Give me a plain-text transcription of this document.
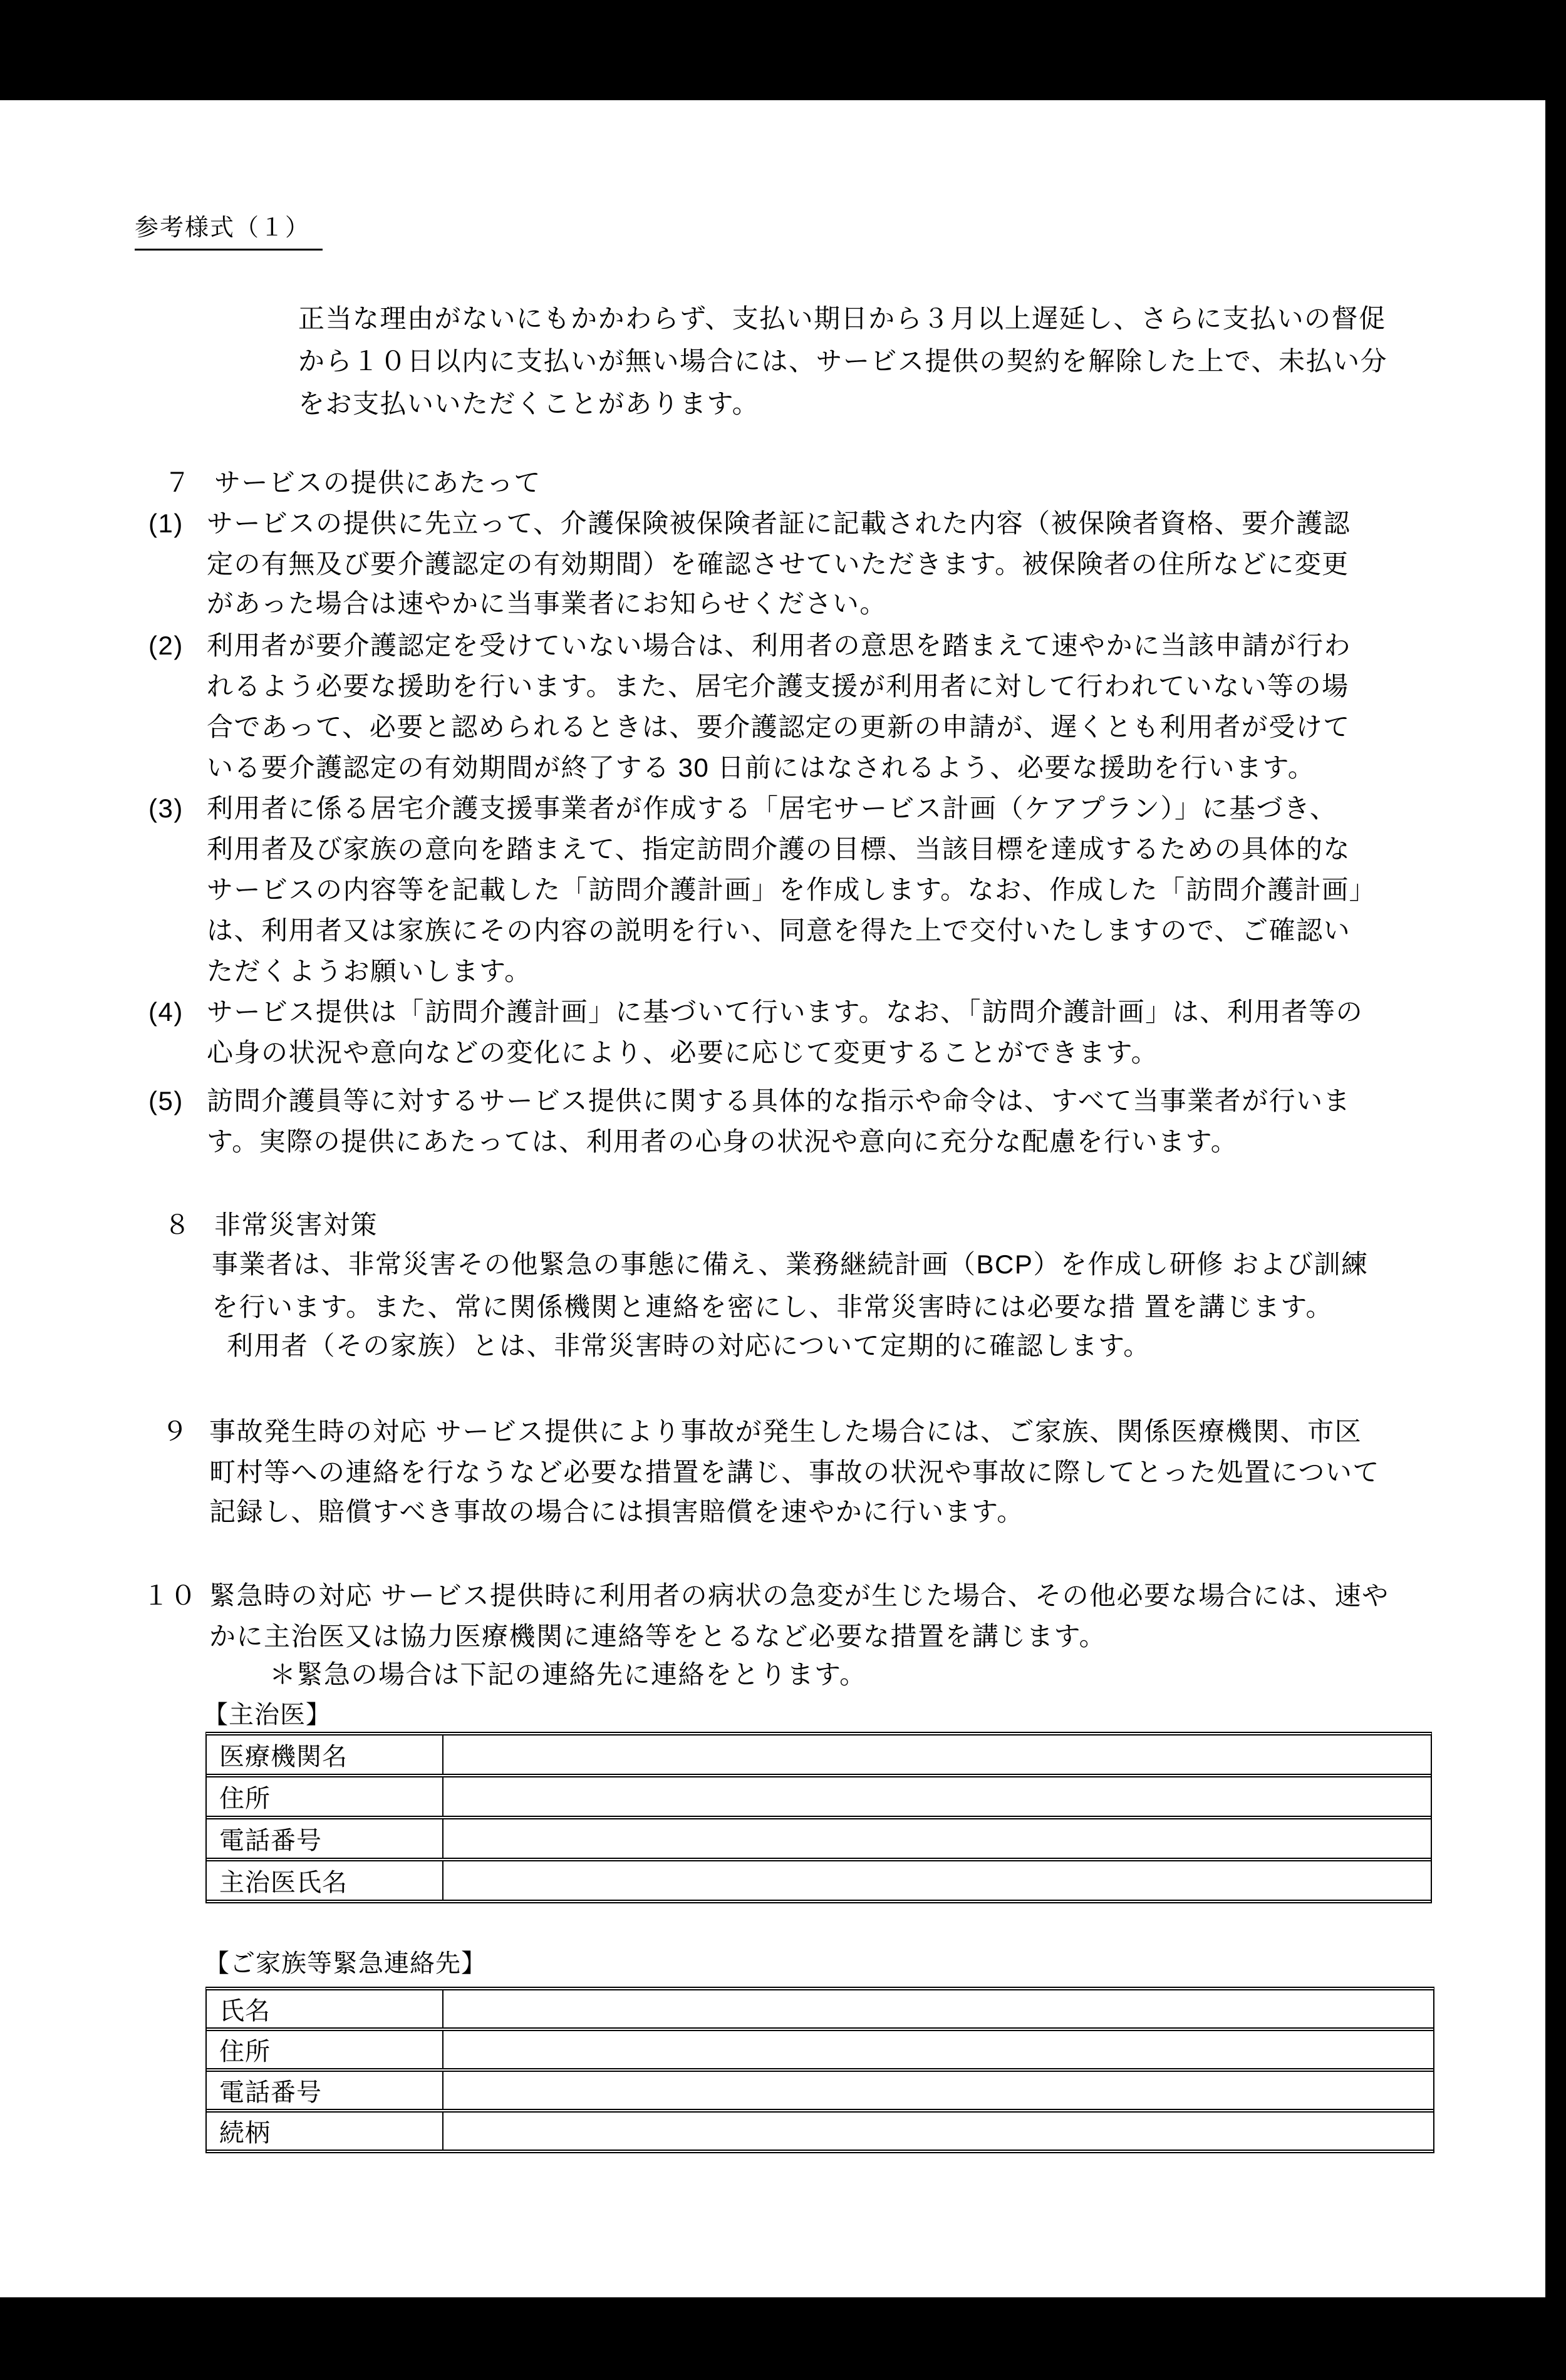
参考様式（１）
正当な理由がないにもかかわらず、支払い期日から３月以上遅延し、さらに支払いの督促
から１０日以内に支払いが無い場合には、サービス提供の契約を解除した上で、未払い分
をお支払いいただくことがあります。
７ サービスの提供にあたって
(1) サービスの提供に先立って、介護保険被保険者証に記載された内容（被保険者資格、要介護認
定の有無及び要介護認定の有効期間）を確認させていただきます。被保険者の住所などに変更
があった場合は速やかに当事業者にお知らせください。
(2) 利用者が要介護認定を受けていない場合は、利用者の意思を踏まえて速やかに当該申請が行わ
れるよう必要な援助を行います。また、居宅介護支援が利用者に対して行われていない等の場
合であって、必要と認められるときは、要介護認定の更新の申請が、遅くとも利用者が受けて
いる要介護認定の有効期間が終了する 30 日前にはなされるよう、必要な援助を行います。
(3) 利用者に係る居宅介護支援事業者が作成する「居宅サービス計画（ケアプラン）」に基づき、
利用者及び家族の意向を踏まえて、指定訪問介護の目標、当該目標を達成するための具体的な
サービスの内容等を記載した「訪問介護計画」を作成します。なお、作成した「訪問介護計画」
は、利用者又は家族にその内容の説明を行い、同意を得た上で交付いたしますので、ご確認い
ただくようお願いします。
(4) サービス提供は「訪問介護計画」に基づいて行います。なお、「訪問介護計画」は、利用者等の
心身の状況や意向などの変化により、必要に応じて変更することができます。
(5) 訪問介護員等に対するサービス提供に関する具体的な指示や命令は、すべて当事業者が行いま
す。実際の提供にあたっては、利用者の心身の状況や意向に充分な配慮を行います。
８ 非常災害対策
事業者は、非常災害その他緊急の事態に備え、業務継続計画（BCP）を作成し研修 および訓練
を行います。また、常に関係機関と連絡を密にし、非常災害時には必要な措 置を講じます。
利用者（その家族）とは、非常災害時の対応について定期的に確認します。
９ 事故発生時の対応 サービス提供により事故が発生した場合には、ご家族、関係医療機関、市区
町村等への連絡を行なうなど必要な措置を講じ、事故の状況や事故に際してとった処置について
記録し、賠償すべき事故の場合には損害賠償を速やかに行います。
１０ 緊急時の対応 サービス提供時に利用者の病状の急変が生じた場合、その他必要な場合には、速や
かに主治医又は協力医療機関に連絡等をとるなど必要な措置を講じます。
＊緊急の場合は下記の連絡先に連絡をとります。
【主治医】
医療機関名
住所
電話番号
主治医氏名
【ご家族等緊急連絡先】
氏名
住所
電話番号
続柄
